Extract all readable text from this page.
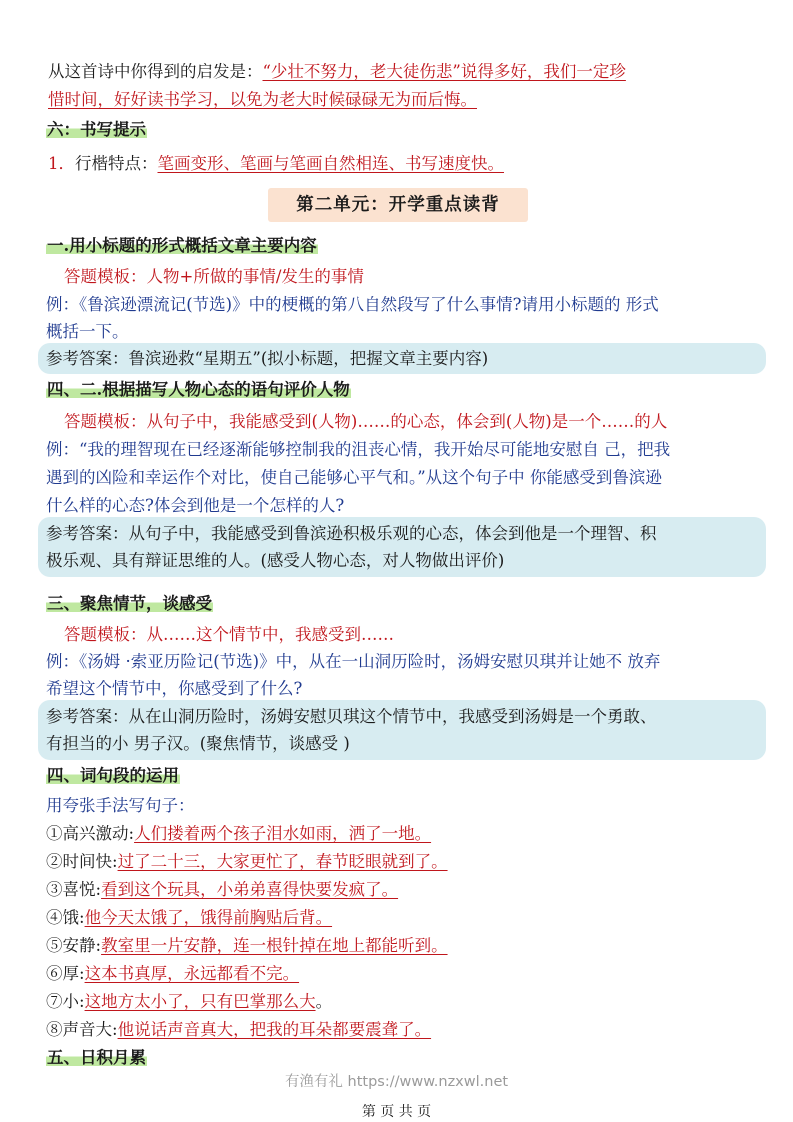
从这首诗中你得到的启发是：“少壮不努力，老大徒伤悲”说得多好，我们一定珍
惜时间，好好读书学习，以免为老大时候碌碌无为而后悔。
六：书写提示
1．行楷特点：笔画变形、笔画与笔画自然相连、书写速度快。
第二单元：开学重点读背
一.用小标题的形式概括文章主要内容
答题模板：人物+所做的事情/发生的事情
例：《鲁滨逊漂流记(节选)》中的梗概的第八自然段写了什么事情?请用小标题的 形式
概括一下。
参考答案：鲁滨逊救“星期五”(拟小标题，把握文章主要内容)
四、二.根据描写人物心态的语句评价人物
答题模板：从句子中，我能感受到(人物)……的心态，体会到(人物)是一个……的人
例：“我的理智现在已经逐渐能够控制我的沮丧心情，我开始尽可能地安慰自 己，把我
遇到的凶险和幸运作个对比，使自己能够心平气和。”从这个句子中 你能感受到鲁滨逊
什么样的心态?体会到他是一个怎样的人?
参考答案：从句子中，我能感受到鲁滨逊积极乐观的心态，体会到他是一个理智、积
极乐观、具有辩证思维的人。(感受人物心态，对人物做出评价)
三、聚焦情节，谈感受
答题模板：从……这个情节中，我感受到……
例：《汤姆 ·索亚历险记(节选)》中，从在一山洞历险时，汤姆安慰贝琪并让她不 放弃
希望这个情节中，你感受到了什么?
参考答案：从在山洞历险时，汤姆安慰贝琪这个情节中，我感受到汤姆是一个勇敢、
有担当的小 男子汉。(聚焦情节，谈感受 )
四、词句段的运用
用夸张手法写句子：
①高兴激动:人们搂着两个孩子泪水如雨，洒了一地。
②时间快:过了二十三，大家更忙了，春节眨眼就到了。
③喜悦:看到这个玩具，小弟弟喜得快要发疯了。
④饿:他今天太饿了，饿得前胸贴后背。
⑤安静:教室里一片安静，连一根针掉在地上都能听到。
⑥厚:这本书真厚，永远都看不完。
⑦小:这地方太小了，只有巴掌那么大。
⑧声音大:他说话声音真大，把我的耳朵都要震聋了。
五、日积月累
有渔有礼 https://www.nzxwl.net
第 页 共 页
